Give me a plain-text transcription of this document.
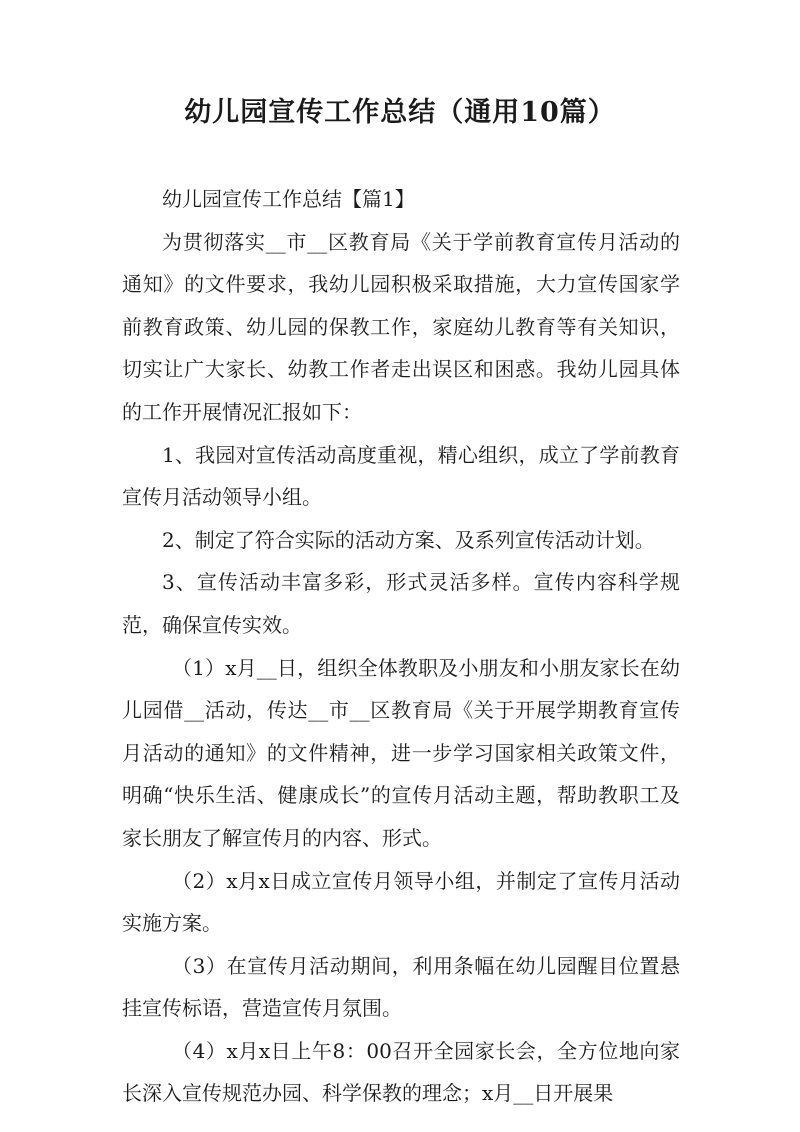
幼儿园宣传工作总结（通用10篇）

幼儿园宣传工作总结【篇1】

为贯彻落实__市__区教育局《关于学前教育宣传月活动的通知》的文件要求，我幼儿园积极采取措施，大力宣传国家学前教育政策、幼儿园的保教工作，家庭幼儿教育等有关知识，切实让广大家长、幼教工作者走出误区和困惑。我幼儿园具体的工作开展情况汇报如下：

1、我园对宣传活动高度重视，精心组织，成立了学前教育宣传月活动领导小组。

2、制定了符合实际的活动方案、及系列宣传活动计划。

3、宣传活动丰富多彩，形式灵活多样。宣传内容科学规范，确保宣传实效。

（1）x月__日，组织全体教职及小朋友和小朋友家长在幼儿园借__活动，传达__市__区教育局《关于开展学期教育宣传月活动的通知》的文件精神，进一步学习国家相关政策文件，明确“快乐生活、健康成长”的宣传月活动主题，帮助教职工及家长朋友了解宣传月的内容、形式。

（2）x月x日成立宣传月领导小组，并制定了宣传月活动实施方案。

（3）在宣传月活动期间，利用条幅在幼儿园醒目位置悬挂宣传标语，营造宣传月氛围。

（4）x月x日上午8：00召开全园家长会，全方位地向家长深入宣传规范办园、科学保教的理念；x月__日开展果
